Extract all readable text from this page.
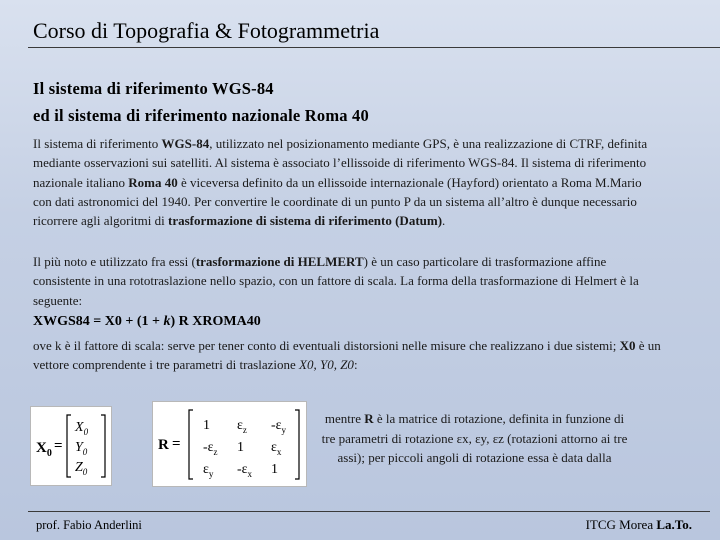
Corso di Topografia & Fotogrammetria
Il sistema di riferimento WGS-84
ed il sistema di riferimento nazionale Roma 40
Il sistema di riferimento WGS-84, utilizzato nel posizionamento mediante GPS, è una realizzazione di CTRF, definita mediante osservazioni sui satelliti. Al sistema è associato l’ellissoide di riferimento WGS-84. Il sistema di riferimento nazionale italiano Roma 40 è viceversa definito da un ellissoide internazionale (Hayford) orientato a Roma M.Mario con dati astronomici del 1940. Per convertire le coordinate di un punto P da un sistema all’altro è dunque necessario ricorrere agli algoritmi di trasformazione di sistema di riferimento (Datum).
Il più noto e utilizzato fra essi (trasformazione di HELMERT) è un caso particolare di trasformazione affine consistente in una rototraslazione nello spazio, con un fattore di scala. La forma della trasformazione di Helmert è la seguente:
XWGS84 = X0 + (1 + k) R XROMA40
ove k è il fattore di scala: serve per tener conto di eventuali distorsioni nelle misure che realizzano i due sistemi; X0 è un vettore comprendente i tre parametri di traslazione X0, Y0, Z0:
$X_0$ =
$X_0$
$Y_0$
$Z_0$
R =
1 $\varepsilon_z$ $-\varepsilon_y$
$-\varepsilon_z$ 1 $\varepsilon_x$
$\varepsilon_y$ $-\varepsilon_x$ 1
mentre R è la matrice di rotazione, definita in funzione di tre parametri di rotazione εx, εy, εz (rotazioni attorno ai tre assi); per piccoli angoli di rotazione essa è data dalla
prof. Fabio Anderlini	ITCG Morea La.To.
